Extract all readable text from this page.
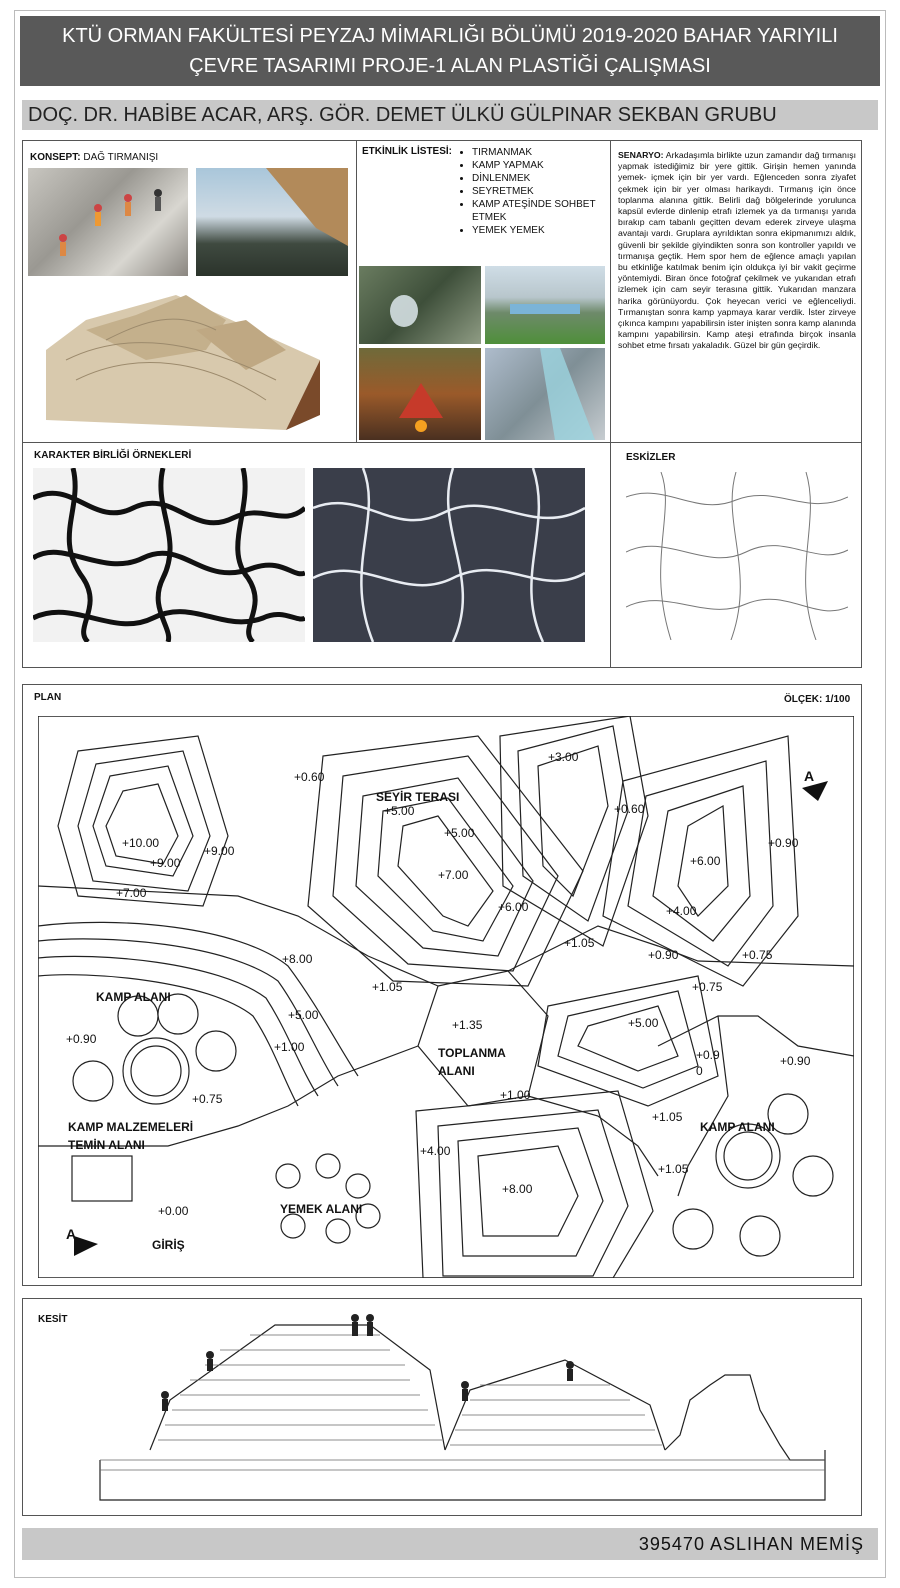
KTÜ ORMAN FAKÜLTESİ PEYZAJ MİMARLIĞI BÖLÜMÜ 2019-2020 BAHAR YARIYILI
ÇEVRE TASARIMI PROJE-1 ALAN PLASTİĞİ ÇALIŞMASI
DOÇ. DR. HABİBE ACAR, ARŞ. GÖR. DEMET ÜLKÜ GÜLPINAR SEKBAN GRUBU
KONSEPT: DAĞ TIRMANIŞI
ETKİNLİK LİSTESİ:
• TIRMANMAK
• KAMP YAPMAK
• DİNLENMEK
• SEYRETMEK
• KAMP ATEŞİNDE SOHBET ETMEK
• YEMEK YEMEK
SENARYO: Arkadaşımla birlikte uzun zamandır dağ tırmanışı yapmak istediğimiz bir yere gittik. Girişin hemen yanında yemek- içmek için bir yer vardı. Eğlenceden sonra ziyafet çekmek için bir yer olması harikaydı. Tırmanış için önce toplanma alanına gittik. Belirli dağ bölgelerinde yorulunca kapsül evlerde dinlenip etrafı izlemek ya da tırmanışı yarıda bırakıp cam tabanlı geçitten devam ederek zirveye ulaşma avantajı vardı. Gruplara ayrıldıktan sonra ekipmanımızı aldık, güvenli bir şekilde giyindikten sonra son kontroller yapıldı ve tırmanışa geçtik. Hem spor hem de eğlence amaçlı yapılan bu etkinliğe katılmak benim için oldukça iyi bir vakit geçirme yöntemiydi. Biran önce fotoğraf çekilmek ve yukarıdan etrafı izlemek için cam seyir terasına gittik. Yukarıdan manzara harika görünüyordu. Çok heyecan verici ve eğlenceliydi. Tırmanıştan sonra kamp yapmaya karar verdik. İster zirveye çıkınca kampını yapabilirsin ister inişten sonra kamp alanında kampını yapabilirsin. Kamp ateşi etrafında birçok insanla sohbet etme fırsatı yakaladık. Güzel bir gün geçirdik.
KARAKTER BİRLİĞİ ÖRNEKLERİ	ESKİZLER
PLAN	ÖLÇEK: 1/100
SEYİR TERASI
KAMP ALANI
TOPLANMA
ALANI
KAMP MALZEMELERİ
TEMİN ALANI
YEMEK ALANI
GİRİŞ
KAMP ALANI
A
A
+0.60
+3.00
+5.00	+0.60
+10.00
+9.00
+9.00
+5.00
+0.90
+7.00
+6.00
+7.00
+6.00	+4.00
+1.05
+8.00	+0.90	+0.75
+1.05	+0.75
+1.35
+5.00
+5.00
+0.90
+0.9
0
+1.00
+0.90
+0.75	+1.00
+1.05
+4.00
+1.05
+8.00
+0.00
KESİT
395470 ASLIHAN MEMİŞ
